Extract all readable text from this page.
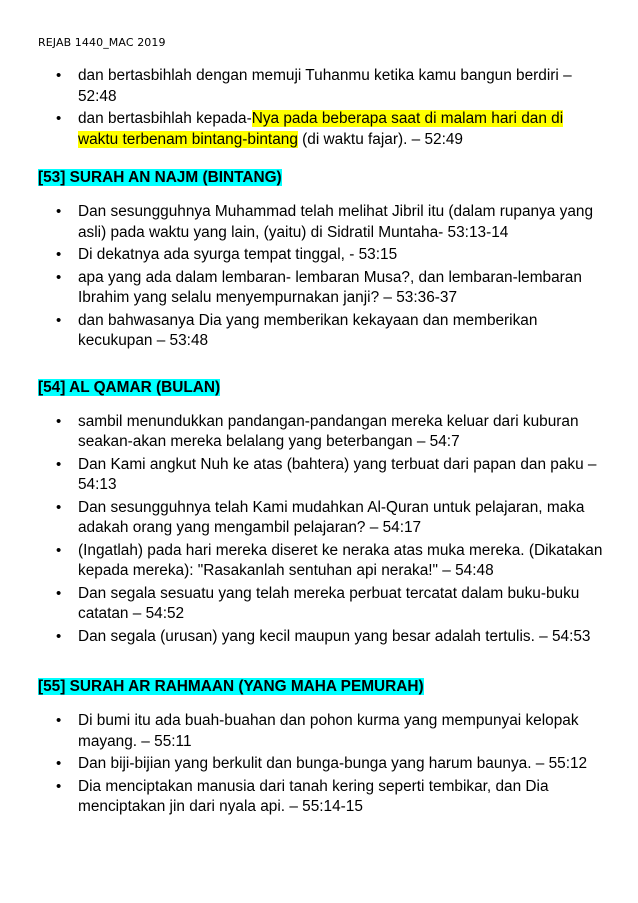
REJAB 1440_MAC 2019
• dan bertasbihlah dengan memuji Tuhanmu ketika kamu bangun berdiri – 52:48
• dan bertasbihlah kepada-Nya pada beberapa saat di malam hari dan di waktu terbenam bintang-bintang (di waktu fajar). – 52:49
[53] SURAH AN NAJM (BINTANG)
• Dan sesungguhnya Muhammad telah melihat Jibril itu (dalam rupanya yang asli) pada waktu yang lain, (yaitu) di Sidratil Muntaha- 53:13-14
• Di dekatnya ada syurga tempat tinggal, - 53:15
• apa yang ada dalam lembaran- lembaran Musa?, dan lembaran-lembaran Ibrahim yang selalu menyempurnakan janji? – 53:36-37
• dan bahwasanya Dia yang memberikan kekayaan dan memberikan kecukupan – 53:48
[54] AL QAMAR (BULAN)
• sambil menundukkan pandangan-pandangan mereka keluar dari kuburan seakan-akan mereka belalang yang beterbangan – 54:7
• Dan Kami angkut Nuh ke atas (bahtera) yang terbuat dari papan dan paku – 54:13
• Dan sesungguhnya telah Kami mudahkan Al-Quran untuk pelajaran, maka adakah orang yang mengambil pelajaran? – 54:17
• (Ingatlah) pada hari mereka diseret ke neraka atas muka mereka. (Dikatakan kepada mereka): "Rasakanlah sentuhan api neraka!" – 54:48
• Dan segala sesuatu yang telah mereka perbuat tercatat dalam buku-buku catatan – 54:52
• Dan segala (urusan) yang kecil maupun yang besar adalah tertulis. – 54:53
[55] SURAH AR RAHMAAN (YANG MAHA PEMURAH)
• Di bumi itu ada buah-buahan dan pohon kurma yang mempunyai kelopak mayang. – 55:11
• Dan biji-bijian yang berkulit dan bunga-bunga yang harum baunya. – 55:12
• Dia menciptakan manusia dari tanah kering seperti tembikar, dan Dia menciptakan jin dari nyala api. – 55:14-15
